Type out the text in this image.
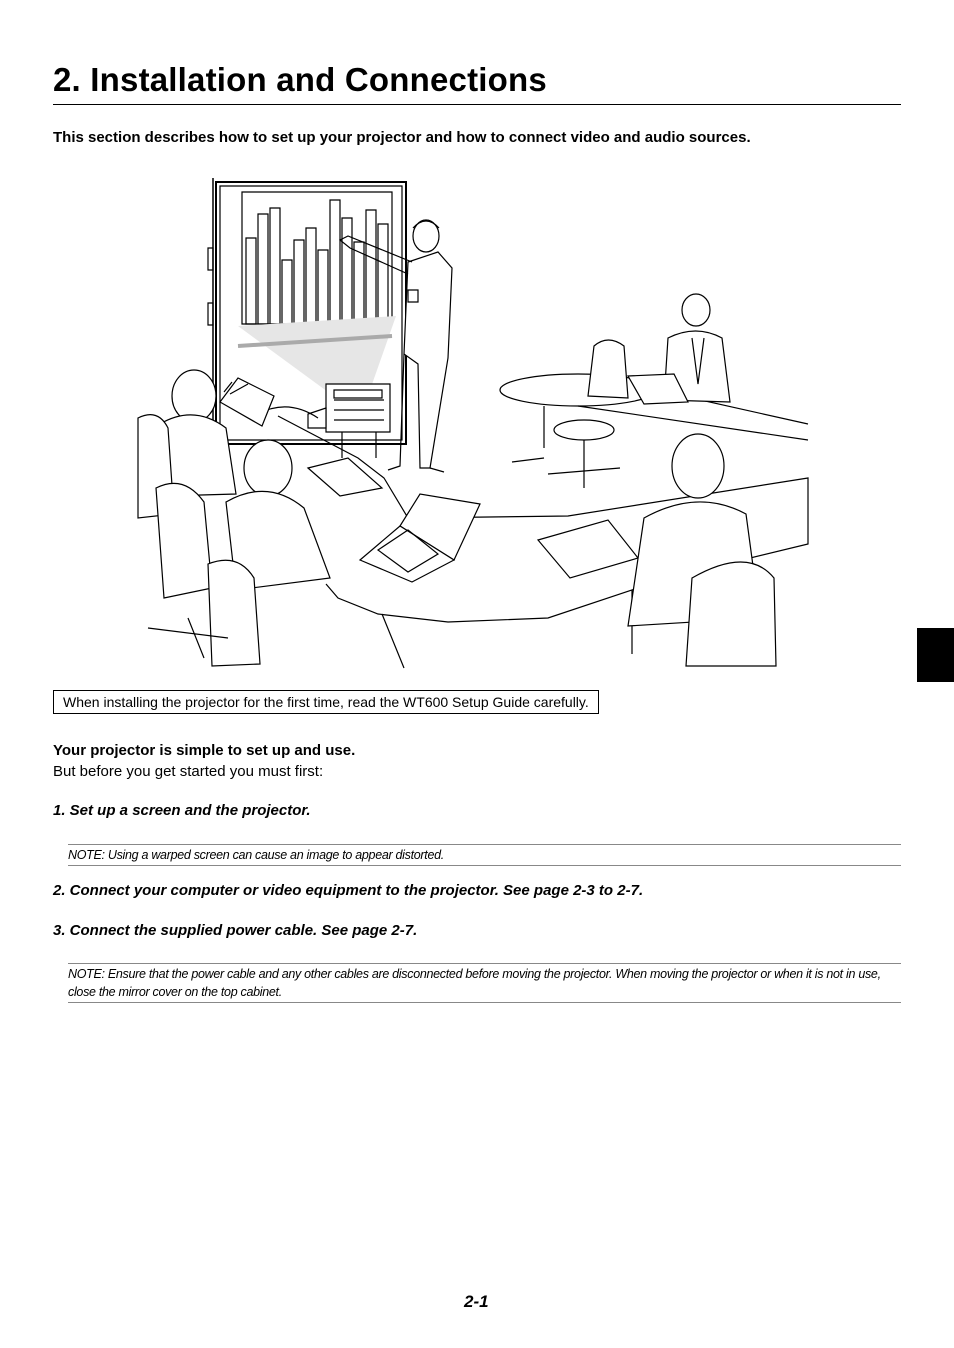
2. Installation and Connections

This section describes how to set up your projector and how to connect video and audio sources.

When installing the projector for the first time, read the WT600 Setup Guide carefully.

Your projector is simple to set up and use.

But before you get started you must first:

1. Set up a screen and the projector.

NOTE: Using a warped screen can cause an image to appear distorted.

2. Connect your computer or video equipment to the projector. See page 2-3 to 2-7.

3. Connect the supplied power cable. See page 2-7.

NOTE: Ensure that the power cable and any other cables are disconnected before moving the projector. When moving the projector or when it is not in use, close the mirror cover on the top cabinet.

2-1
